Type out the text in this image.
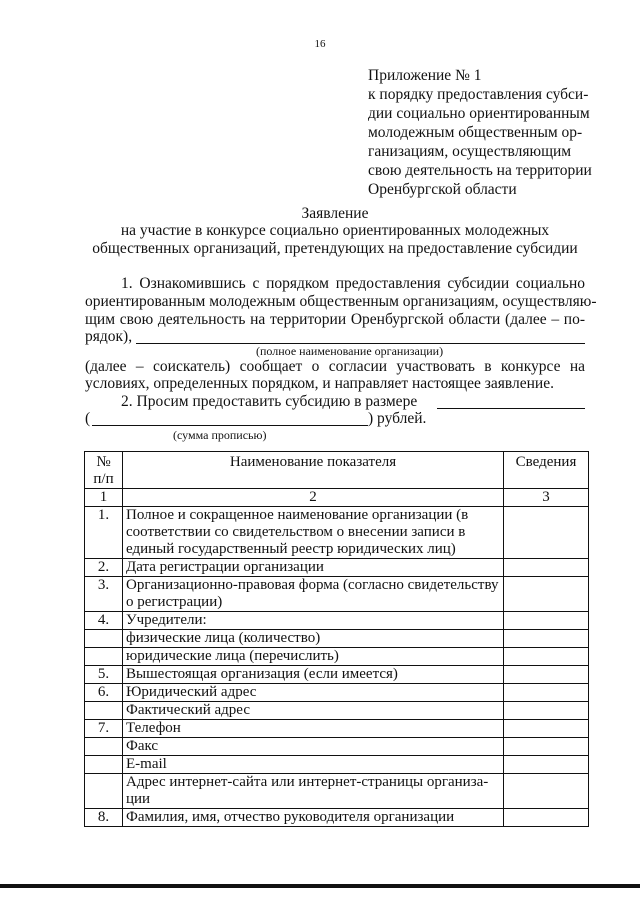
16
Приложение № 1
к порядку предоставления субси-
дии социально ориентированным
молодежным общественным ор-
ганизациям, осуществляющим
свою деятельность на территории
Оренбургской области
Заявление
на участие в конкурсе социально ориентированных молодежных
общественных организаций, претендующих на предоставление субсидии
1. Ознакомившись с порядком предоставления субсидии социально
ориентированным молодежным общественным организациям, осуществляю-
щим свою деятельность на территории Оренбургской области (далее – по-
рядок),
(полное наименование организации)
(далее – соискатель) сообщает о согласии участвовать в конкурсе на
условиях, определенных порядком, и направляет настоящее заявление.
2. Просим предоставить субсидию в размере
(	) рублей.
(сумма прописью)
№
п/п	Наименование показателя	Сведения
1	2	3
1.	Полное и сокращенное наименование организации (в
соответствии со свидетельством о внесении записи в
единый государственный реестр юридических лиц)	

2.	Дата регистрации организации	

3.	Организационно-правовая форма (согласно свидетельству
о регистрации)	

4.	Учредители:	

	физические лица (количество)	

	юридические лица (перечислить)	

5.	Вышестоящая организация (если имеется)	

6.	Юридический адрес	

	Фактический адрес	

7.	Телефон	

	Факс	

	E-mail	

	Адрес интернет-сайта или интернет-страницы организа-
ции	

8.	Фамилия, имя, отчество руководителя организации	
